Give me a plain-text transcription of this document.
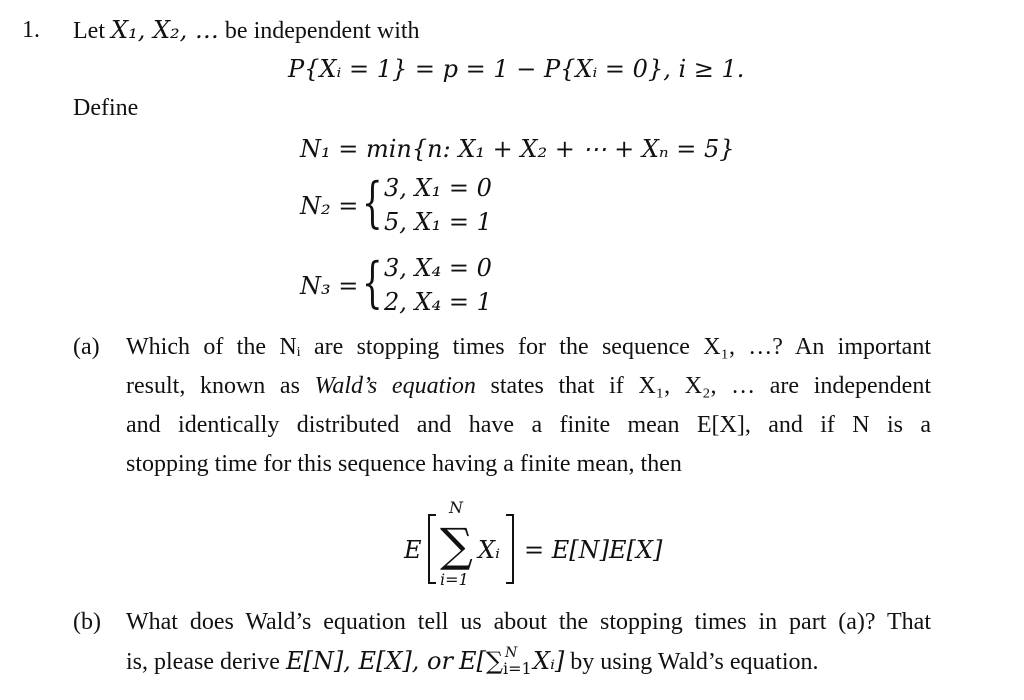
1. Let X₁, X₂, … be independent with
P{Xᵢ = 1} = p = 1 − P{Xᵢ = 0}, i ≥ 1.
Define
N₁ = min{n: X₁ + X₂ + ⋯ + Xₙ = 5}
N₂ = { 3, X₁ = 0
5, X₁ = 1
N₃ = { 3, X₄ = 0
2, X₄ = 1
(a) Which of the Nᵢ are stopping times for the sequence X₁, …? An important
result, known as Wald’s equation states that if X₁, X₂, … are independent
and identically distributed and have a finite mean E[X], and if N is a
stopping time for this sequence having a finite mean, then
E
N
∑
i=1
Xᵢ = E[N]E[X]
(b) What does Wald’s equation tell us about the stopping times in part (a)? That
is, please derive E[N], E[X], or E[∑ N
i=1 Xᵢ] by using Wald’s equation.
